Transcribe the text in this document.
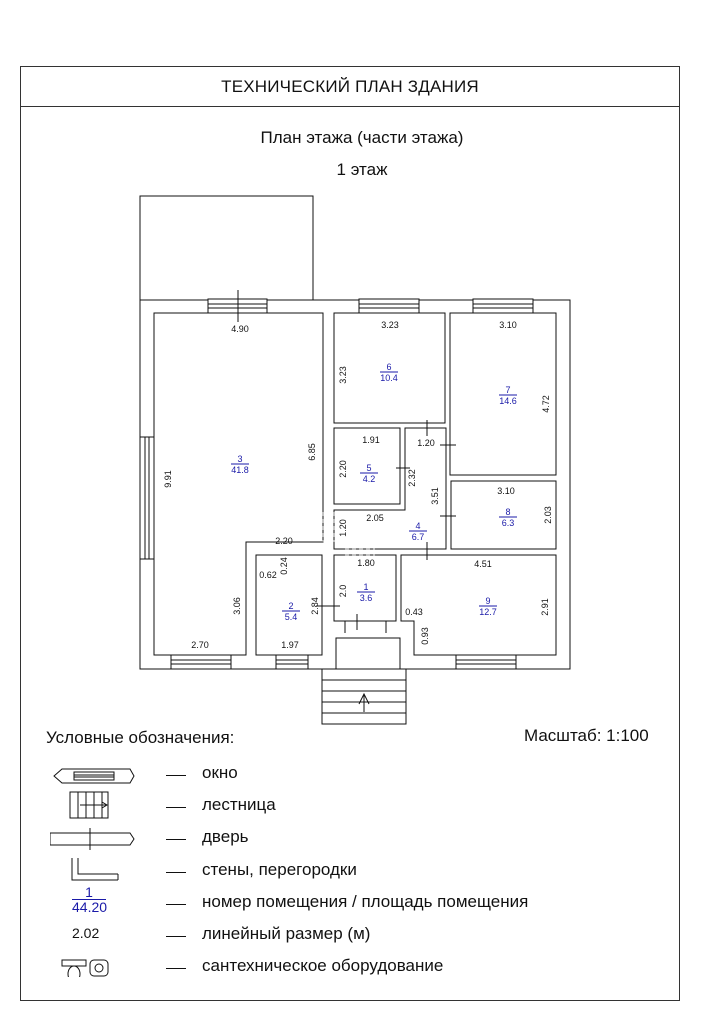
ТЕХНИЧЕСКИЙ ПЛАН ЗДАНИЯ
План этажа (части этажа)
1 этаж
1
3.6
2
5.4
3
41.8
4
6.7
5
4.2
6
10.4
7
14.6
8
6.3
9
12.7
4.90	3.23	3.10
3.23
4.72
9.91
6.85
1.91	1.20
2.20
2.32
3.51	3.10
2.03
1.20
2.05
2.20
1.80	4.51
0.62
0.24
2.0
2.84
3.06	0.43	2.91
0.93
2.70	1.97
Условные обозначения:	Масштаб: 1:100
1
44.20
2.02
окно
лестница
дверь
стены, перегородки
номер помещения / площадь помещения
линейный размер (м)
сантехническое оборудование
